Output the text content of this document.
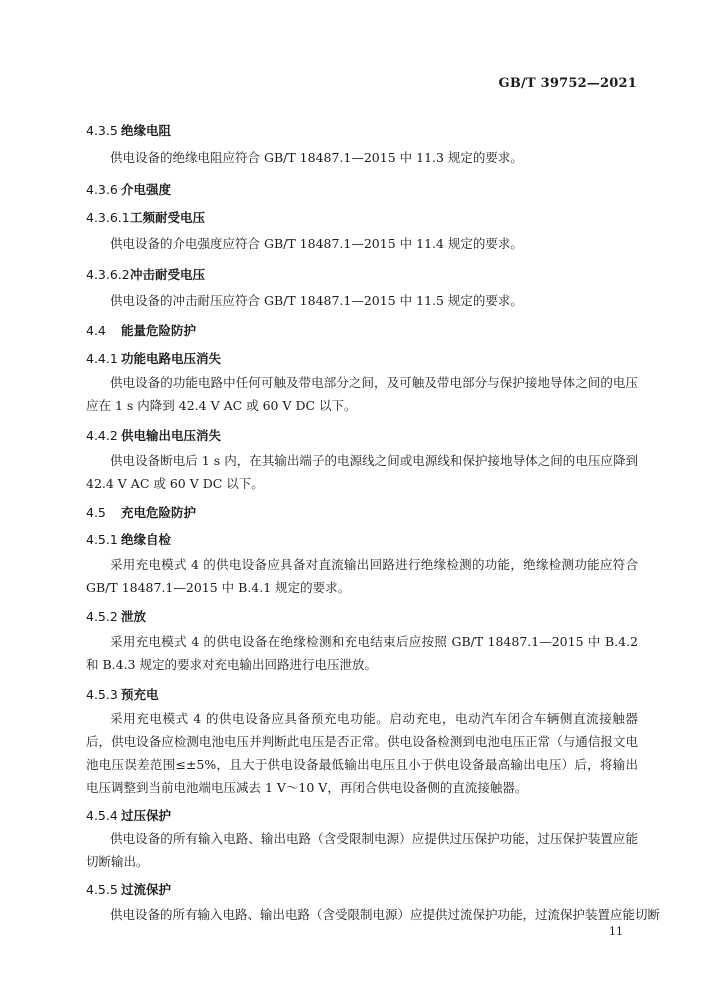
GB/T 39752—2021
4.3.5 绝缘电阻
供电设备的绝缘电阻应符合 GB/T 18487.1—2015 中 11.3 规定的要求。
4.3.6 介电强度
4.3.6.1工频耐受电压
供电设备的介电强度应符合 GB/T 18487.1—2015 中 11.4 规定的要求。
4.3.6.2冲击耐受电压
供电设备的冲击耐压应符合 GB/T 18487.1—2015 中 11.5 规定的要求。
4.4 能量危险防护
4.4.1 功能电路电压消失
供电设备的功能电路中任何可触及带电部分之间，及可触及带电部分与保护接地导体之间的电压应在 1 s 内降到 42.4 V AC 或 60 V DC 以下。
4.4.2 供电输出电压消失
供电设备断电后 1 s 内，在其输出端子的电源线之间或电源线和保护接地导体之间的电压应降到 42.4 V AC 或 60 V DC 以下。
4.5 充电危险防护
4.5.1 绝缘自检
采用充电模式 4 的供电设备应具备对直流输出回路进行绝缘检测的功能，绝缘检测功能应符合 GB/T 18487.1—2015 中 B.4.1 规定的要求。
4.5.2 泄放
采用充电模式 4 的供电设备在绝缘检测和充电结束后应按照 GB/T 18487.1—2015 中 B.4.2 和 B.4.3 规定的要求对充电输出回路进行电压泄放。
4.5.3 预充电
采用充电模式 4 的供电设备应具备预充电功能。启动充电，电动汽车闭合车辆侧直流接触器后，供电设备应检测电池电压并判断此电压是否正常。供电设备检测到电池电压正常（与通信报文电池电压误差范围≤±5%，且大于供电设备最低输出电压且小于供电设备最高输出电压）后，将输出电压调整到当前电池端电压减去 1 V～10 V，再闭合供电设备侧的直流接触器。
4.5.4 过压保护
供电设备的所有输入电路、输出电路（含受限制电源）应提供过压保护功能，过压保护装置应能切断输出。
4.5.5 过流保护
供电设备的所有输入电路、输出电路（含受限制电源）应提供过流保护功能，过流保护装置应能切断
11
